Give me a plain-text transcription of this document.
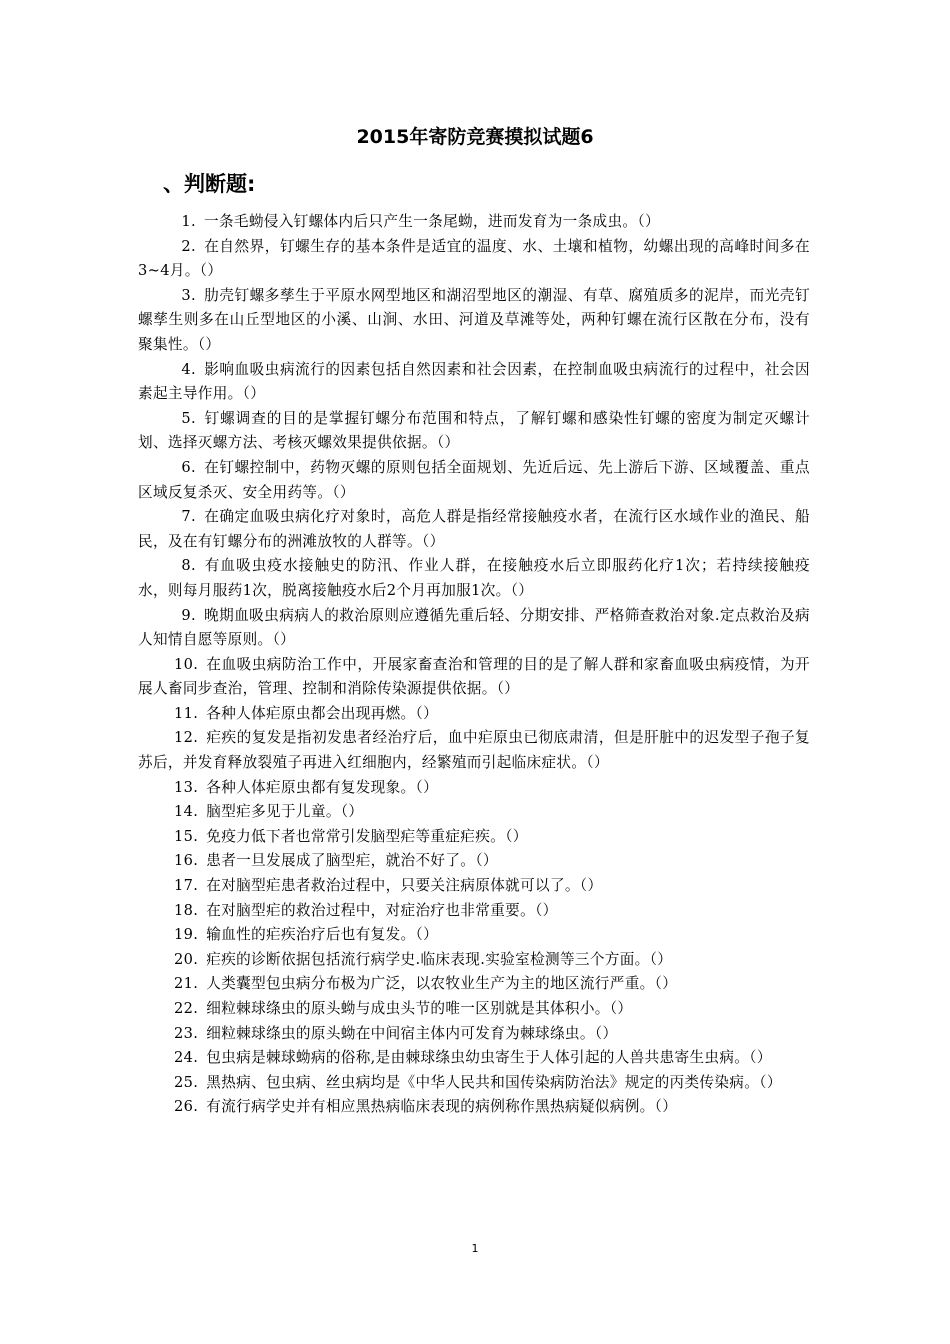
2015年寄防竞赛摸拟试题6
、判断题:
1. 一条毛蚴侵入钉螺体内后只产生一条尾蚴，进而发育为一条成虫。（）
2. 在自然界，钉螺生存的基本条件是适宜的温度、水、土壤和植物，幼螺出现的高峰时间多在3~4月。（）
3. 肋壳钉螺多孳生于平原水网型地区和湖沼型地区的潮湿、有草、腐殖质多的泥岸，而光壳钉螺孳生则多在山丘型地区的小溪、山涧、水田、河道及草滩等处，两种钉螺在流行区散在分布，没有聚集性。（）
4. 影响血吸虫病流行的因素包括自然因素和社会因素，在控制血吸虫病流行的过程中，社会因素起主导作用。（）
5. 钉螺调查的目的是掌握钉螺分布范围和特点，了解钉螺和感染性钉螺的密度为制定灭螺计划、选择灭螺方法、考核灭螺效果提供依据。（）
6. 在钉螺控制中，药物灭螺的原则包括全面规划、先近后远、先上游后下游、区域覆盖、重点区域反复杀灭、安全用药等。（）
7. 在确定血吸虫病化疗对象时，高危人群是指经常接触疫水者，在流行区水域作业的渔民、船民，及在有钉螺分布的洲滩放牧的人群等。（）
8. 有血吸虫疫水接触史的防汛、作业人群，在接触疫水后立即服药化疗1次；若持续接触疫水，则每月服药1次，脱离接触疫水后2个月再加服1次。（）
9. 晚期血吸虫病病人的救治原则应遵循先重后轻、分期安排、严格筛查救治对象.定点救治及病人知情自愿等原则。（）
10. 在血吸虫病防治工作中，开展家畜查治和管理的目的是了解人群和家畜血吸虫病疫情，为开展人畜同步查治，管理、控制和消除传染源提供依据。（）
11. 各种人体疟原虫都会出现再燃。（）
12. 疟疾的复发是指初发患者经治疗后，血中疟原虫已彻底肃清，但是肝脏中的迟发型子孢子复苏后，并发育释放裂殖子再进入红细胞内，经繁殖而引起临床症状。（）
13. 各种人体疟原虫都有复发现象。（）
14. 脑型疟多见于儿童。（）
15. 免疫力低下者也常常引发脑型疟等重症疟疾。（）
16. 患者一旦发展成了脑型疟，就治不好了。（）
17. 在对脑型疟患者救治过程中，只要关注病原体就可以了。（）
18. 在对脑型疟的救治过程中，对症治疗也非常重要。（）
19. 输血性的疟疾治疗后也有复发。（）
20. 疟疾的诊断依据包括流行病学史.临床表现.实验室检测等三个方面。（）
21. 人类囊型包虫病分布极为广泛，以农牧业生产为主的地区流行严重。（）
22. 细粒棘球绦虫的原头蚴与成虫头节的唯一区别就是其体积小。（）
23. 细粒棘球绦虫的原头蚴在中间宿主体内可发育为棘球绦虫。（）
24. 包虫病是棘球蚴病的俗称,是由棘球绦虫幼虫寄生于人体引起的人兽共患寄生虫病。（）
25. 黑热病、包虫病、丝虫病均是《中华人民共和国传染病防治法》规定的丙类传染病。（）
26. 有流行病学史并有相应黑热病临床表现的病例称作黑热病疑似病例。（）
1
